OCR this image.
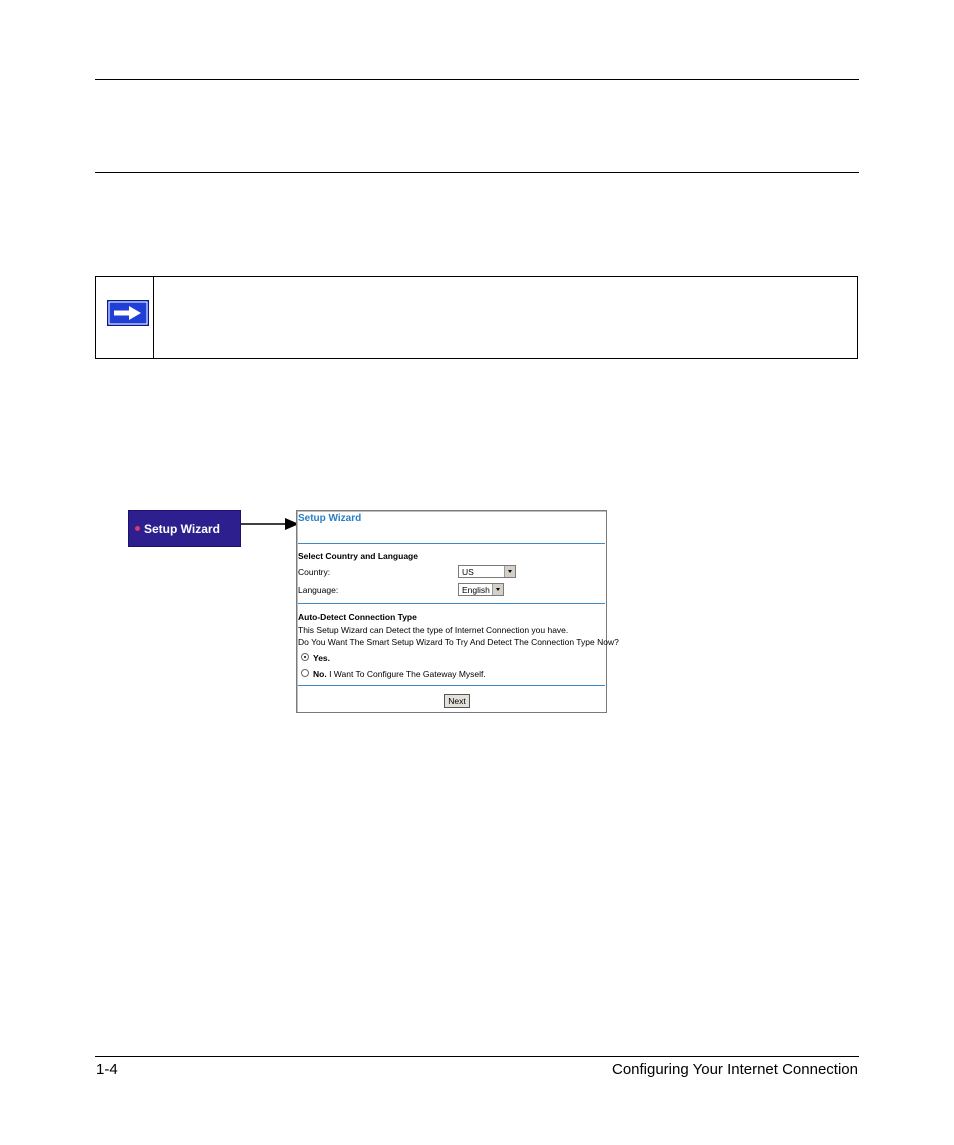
Setup Wizard
Setup Wizard
Select Country and Language
Country:	US
Language:	English
Auto-Detect Connection Type
This Setup Wizard can Detect the type of Internet Connection you have.
Do You Want The Smart Setup Wizard To Try And Detect The Connection Type Now?
Yes.
No. I Want To Configure The Gateway Myself.
Next
1-4	Configuring Your Internet Connection
